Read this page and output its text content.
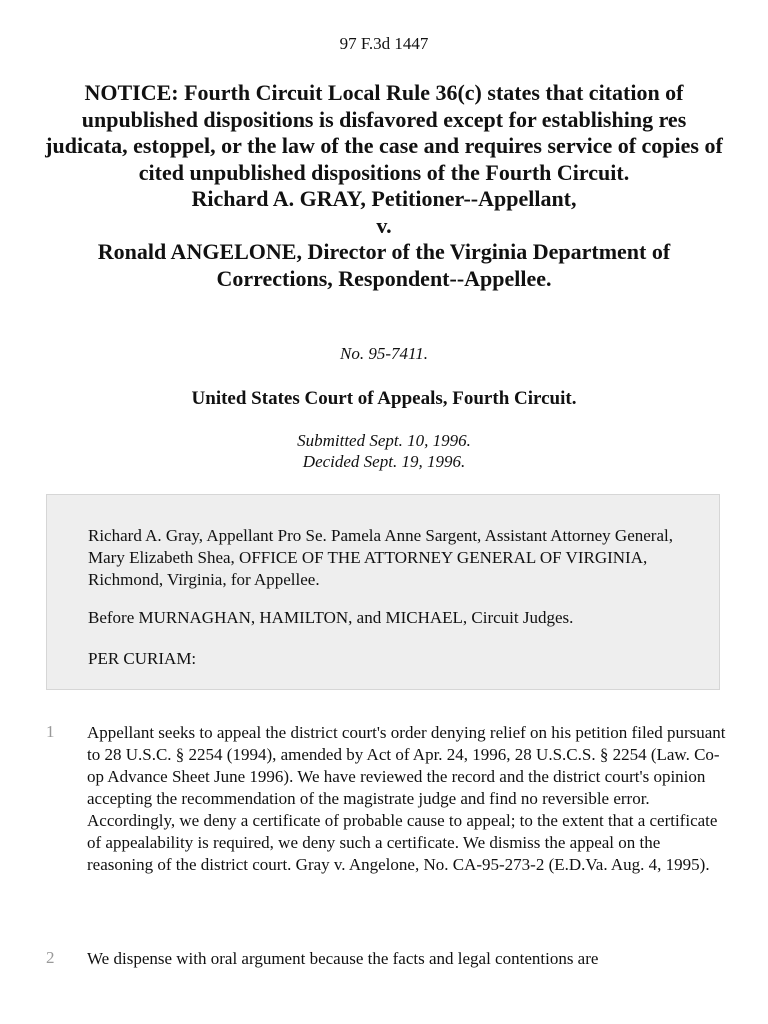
97 F.3d 1447
NOTICE: Fourth Circuit Local Rule 36(c) states that citation of unpublished dispositions is disfavored except for establishing res judicata, estoppel, or the law of the case and requires service of copies of cited unpublished dispositions of the Fourth Circuit.
Richard A. GRAY, Petitioner--Appellant,
v.
Ronald ANGELONE, Director of the Virginia Department of Corrections, Respondent--Appellee.
No. 95-7411.
United States Court of Appeals, Fourth Circuit.
Submitted Sept. 10, 1996.
Decided Sept. 19, 1996.
Richard A. Gray, Appellant Pro Se. Pamela Anne Sargent, Assistant Attorney General, Mary Elizabeth Shea, OFFICE OF THE ATTORNEY GENERAL OF VIRGINIA, Richmond, Virginia, for Appellee.
Before MURNAGHAN, HAMILTON, and MICHAEL, Circuit Judges.
PER CURIAM:
1 Appellant seeks to appeal the district court's order denying relief on his petition filed pursuant to 28 U.S.C. § 2254 (1994), amended by Act of Apr. 24, 1996, 28 U.S.C.S. § 2254 (Law. Co-op Advance Sheet June 1996). We have reviewed the record and the district court's opinion accepting the recommendation of the magistrate judge and find no reversible error. Accordingly, we deny a certificate of probable cause to appeal; to the extent that a certificate of appealability is required, we deny such a certificate. We dismiss the appeal on the reasoning of the district court. Gray v. Angelone, No. CA-95-273-2 (E.D.Va. Aug. 4, 1995).
2 We dispense with oral argument because the facts and legal contentions are
